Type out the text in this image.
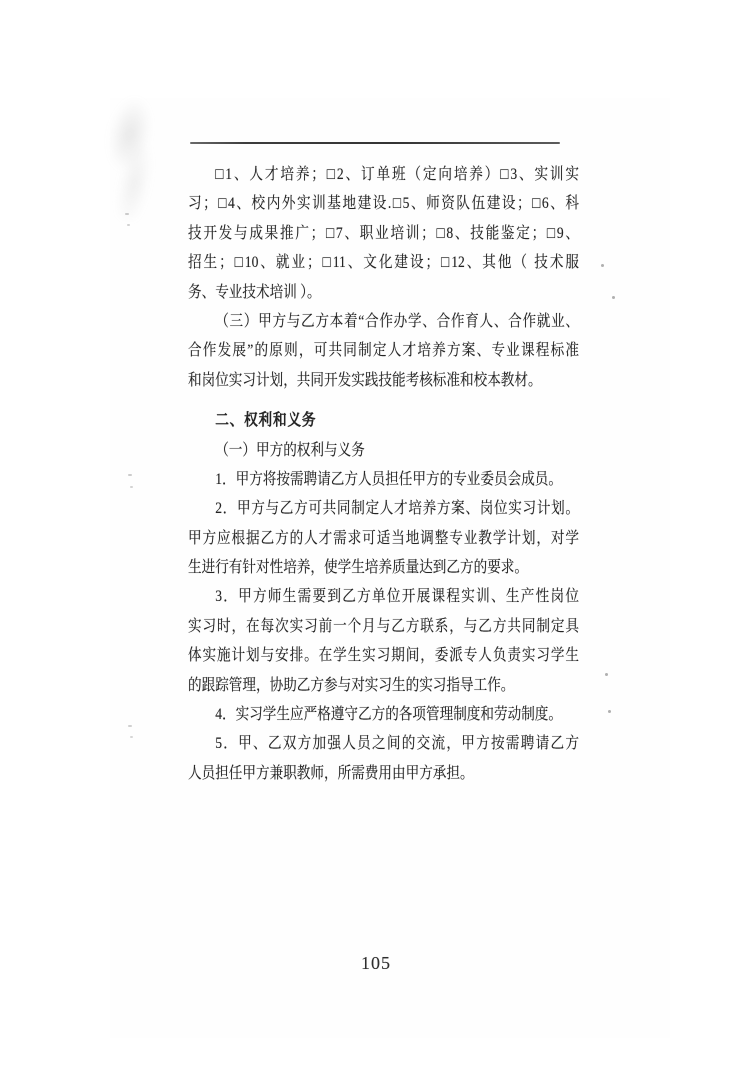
□1、人才培养；□2、订单班（定向培养）□3、实训实
习；□4、校内外实训基地建设.□5、师资队伍建设；□6、科
技开发与成果推广；□7、职业培训；□8、技能鉴定；□9、
招生；□10、就业；□11、文化建设；□12、其他（ 技术服
务、专业技术培训 ）。
（三）甲方与乙方本着“合作办学、合作育人、合作就业、
合作发展”的原则，可共同制定人才培养方案、专业课程标准
和岗位实习计划，共同开发实践技能考核标准和校本教材。
二、权利和义务
（一）甲方的权利与义务
1．甲方将按需聘请乙方人员担任甲方的专业委员会成员。
2．甲方与乙方可共同制定人才培养方案、岗位实习计划。
甲方应根据乙方的人才需求可适当地调整专业教学计划，对学
生进行有针对性培养，使学生培养质量达到乙方的要求。
3．甲方师生需要到乙方单位开展课程实训、生产性岗位
实习时，在每次实习前一个月与乙方联系，与乙方共同制定具
体实施计划与安排。在学生实习期间，委派专人负责实习学生
的跟踪管理，协助乙方参与对实习生的实习指导工作。
4．实习学生应严格遵守乙方的各项管理制度和劳动制度。
5．甲、乙双方加强人员之间的交流，甲方按需聘请乙方
人员担任甲方兼职教师，所需费用由甲方承担。
105
